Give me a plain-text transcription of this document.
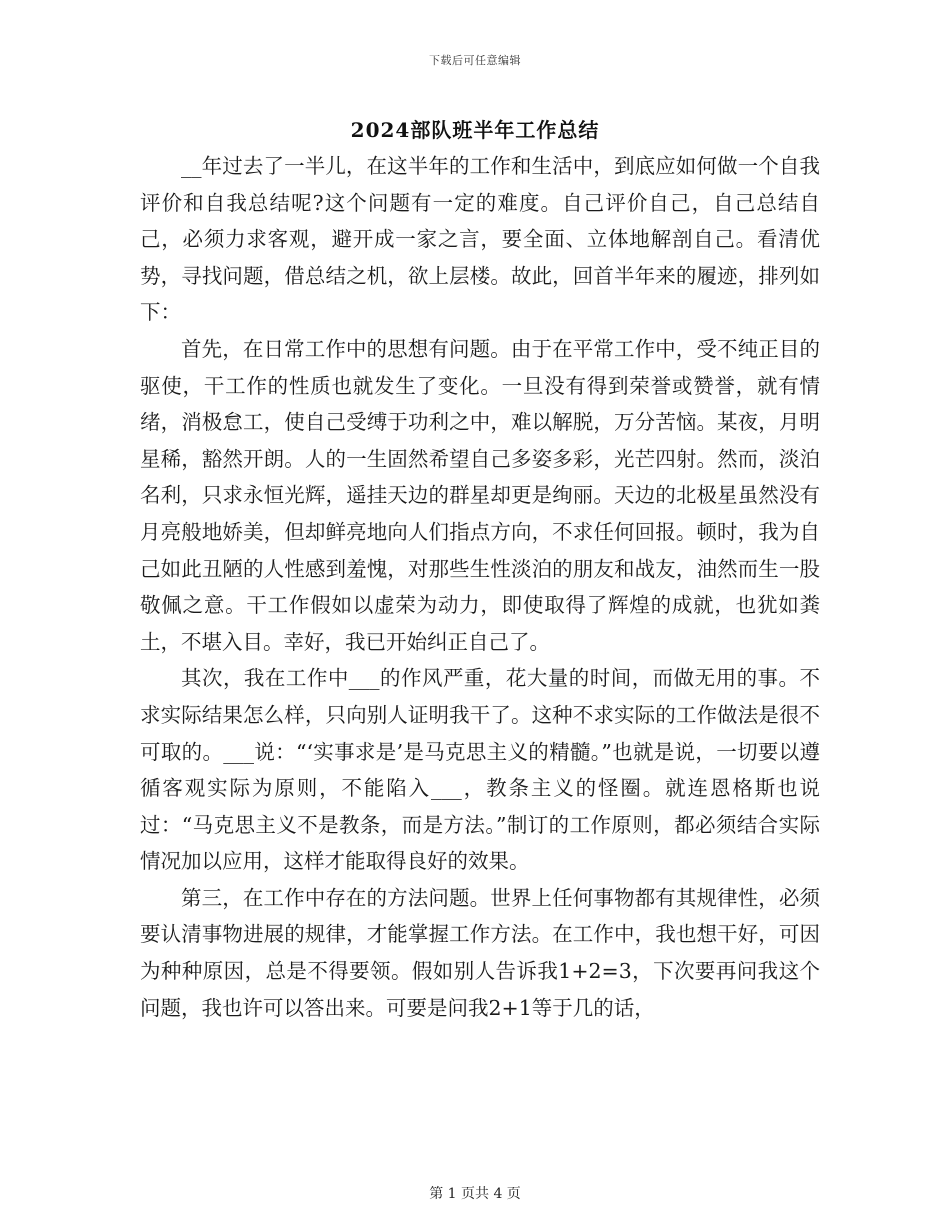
下载后可任意编辑
2024部队班半年工作总结

__年过去了一半儿，在这半年的工作和生活中，到底应如何做一个自我评价和自我总结呢?这个问题有一定的难度。自己评价自己，自己总结自己，必须力求客观，避开成一家之言，要全面、立体地解剖自己。看清优势，寻找问题，借总结之机，欲上层楼。故此，回首半年来的履迹，排列如下：

首先，在日常工作中的思想有问题。由于在平常工作中，受不纯正目的驱使，干工作的性质也就发生了变化。一旦没有得到荣誉或赞誉，就有情绪，消极怠工，使自己受缚于功利之中，难以解脱，万分苦恼。某夜，月明星稀，豁然开朗。人的一生固然希望自己多姿多彩，光芒四射。然而，淡泊名利，只求永恒光辉，遥挂天边的群星却更是绚丽。天边的北极星虽然没有月亮般地娇美，但却鲜亮地向人们指点方向，不求任何回报。顿时，我为自己如此丑陋的人性感到羞愧，对那些生性淡泊的朋友和战友，油然而生一股敬佩之意。干工作假如以虚荣为动力，即使取得了辉煌的成就，也犹如粪土，不堪入目。幸好，我已开始纠正自己了。

其次，我在工作中___的作风严重，花大量的时间，而做无用的事。不求实际结果怎么样，只向别人证明我干了。这种不求实际的工作做法是很不可取的。___说：“‘实事求是’是马克思主义的精髓。”也就是说，一切要以遵循客观实际为原则，不能陷入___，教条主义的怪圈。就连恩格斯也说过：“马克思主义不是教条，而是方法。”制订的工作原则，都必须结合实际情况加以应用，这样才能取得良好的效果。

第三，在工作中存在的方法问题。世界上任何事物都有其规律性，必须要认清事物进展的规律，才能掌握工作方法。在工作中，我也想干好，可因为种种原因，总是不得要领。假如别人告诉我1+2=3，下次要再问我这个问题，我也许可以答出来。可要是问我2+1等于几的话，

第 1 页共 4 页
